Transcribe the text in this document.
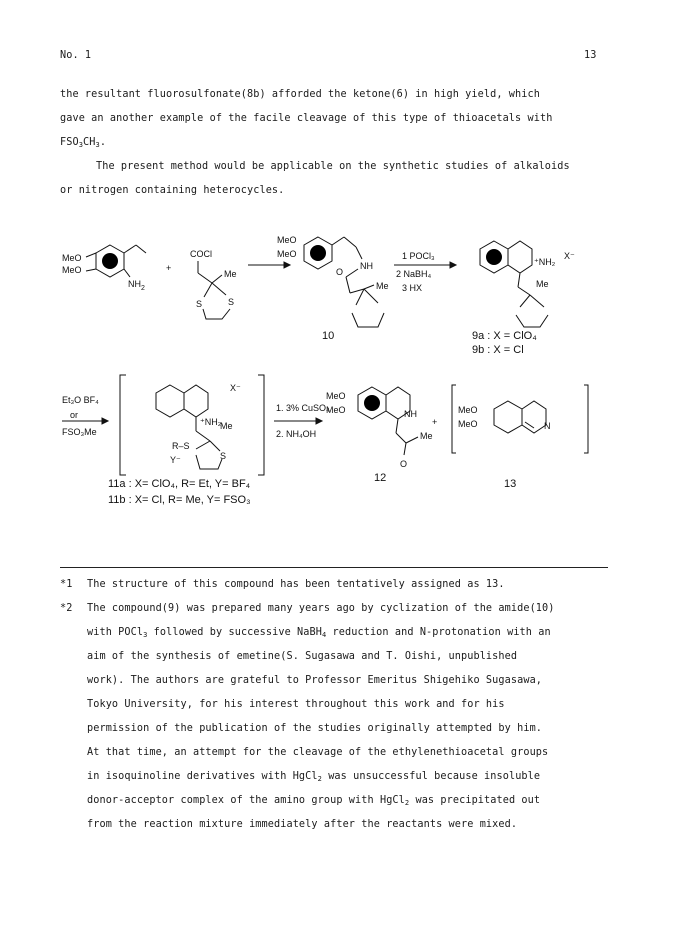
No. 1	13
the resultant fluorosulfonate(8b) afforded the ketone(6) in high yield, which
gave an another example of the facile cleavage of this type of thioacetals with
$FSO_3CH_3$.
The present method would be applicable on the synthetic studies of alkaloids
or nitrogen containing heterocycles.
MeO
MeO
$NH_2$
+
COCl
Me
S	S
MeO
MeO
NH
O
Me
10
1 POCl₃
2 NaBH₄
3 HX
⁺NH₂
X⁻
Me
9a : X = ClO₄
9b : X = Cl
Et₃O BF₄
or
FSO₃Me
⁺NH₂
X⁻
Me
R–S
S
Y⁻
1. 3% CuSO₄
2. NH₄OH
MeO
MeO	NH
Me
O
12
+
MeO
MeO	N
13
11a : X= ClO₄, R= Et, Y= BF₄
11b : X= Cl, R= Me, Y= FSO₃
*1 The structure of this compound has been tentatively assigned as 13.
*2 The compound(9) was prepared many years ago by cyclization of the amide(10)
with POCl$_3$ followed by successive NaBH$_4$ reduction and N-protonation with an
aim of the synthesis of emetine(S. Sugasawa and T. Oishi, unpublished
work). The authors are grateful to Professor Emeritus Shigehiko Sugasawa,
Tokyo University, for his interest throughout this work and for his
permission of the publication of the studies originally attempted by him.
At that time, an attempt for the cleavage of the ethylenethioacetal groups
in isoquinoline derivatives with HgCl$_2$ was unsuccessful because insoluble
donor-acceptor complex of the amino group with HgCl$_2$ was precipitated out
from the reaction mixture immediately after the reactants were mixed.
